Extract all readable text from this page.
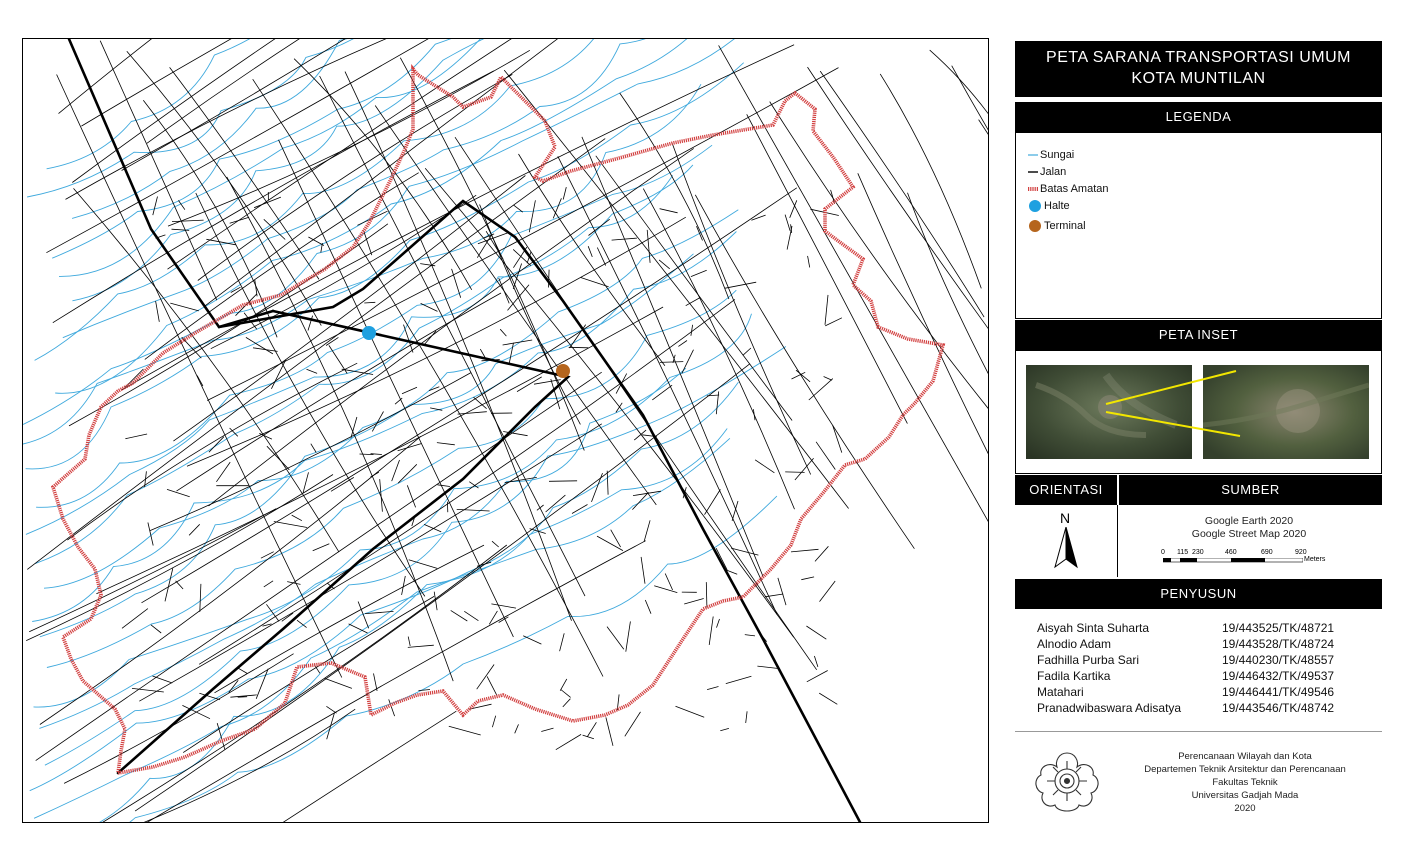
PETA SARANA TRANSPORTASI UMUM
KOTA MUNTILAN
LEGENDA
Sungai
Jalan
Batas Amatan
Halte
Terminal
PETA INSET
ORIENTASI	SUMBER
N	Google Earth 2020
Google Street Map 2020
0 115 230	460	690	920
Meters
PENYUSUN
Aisyah Sinta Suharta	19/443525/TK/48721
Alnodio Adam	19/443528/TK/48724
Fadhilla Purba Sari	19/440230/TK/48557
Fadila Kartika	19/446432/TK/49537
Matahari	19/446441/TK/49546
Pranadwibaswara Adisatya	19/443546/TK/48742
Perencanaan Wilayah dan Kota
Departemen Teknik Arsitektur dan Perencanaan
Fakultas Teknik
Universitas Gadjah Mada
2020
